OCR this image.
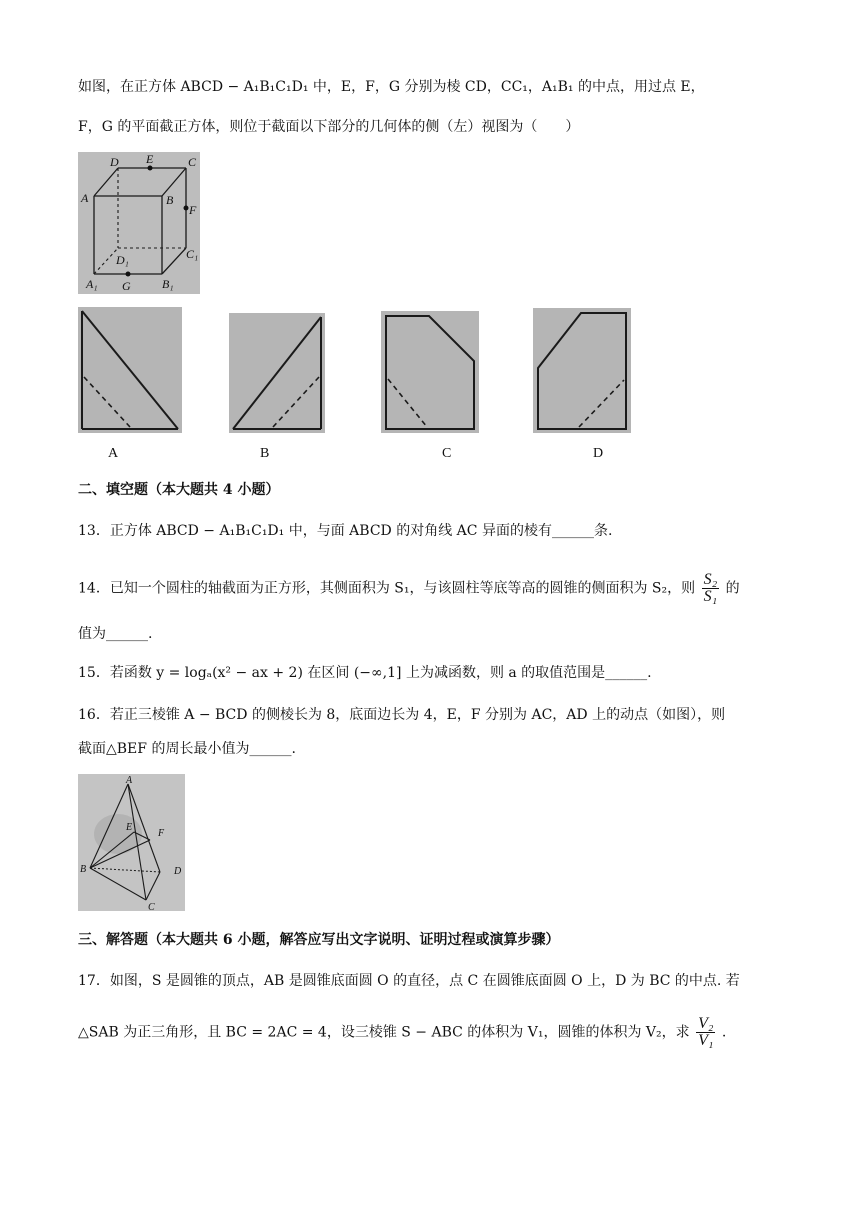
如图，在正方体 ABCD − A₁B₁C₁D₁ 中，E，F，G 分别为棱 CD，CC₁，A₁B₁ 的中点，用过点 E，
F，G 的平面截正方体，则位于截面以下部分的几何体的侧（左）视图为（　　）
D E	C
A	B
F
D₁	C₁
A₁ G	B₁
A	B	C	D
二、填空题（本大题共 4 小题）
13．正方体 ABCD − A₁B₁C₁D₁ 中，与面 ABCD 的对角线 AC 异面的棱有______条.
14．已知一个圆柱的轴截面为正方形，其侧面积为 S₁，与该圆柱等底等高的圆锥的侧面积为 S₂，则 $\frac{\text{S₂}}{\text{S₁}}$ 的
值为______.
15．若函数 y = logₐ(x² − ax + 2) 在区间 (−∞,1] 上为减函数，则 a 的取值范围是______.
16．若正三棱锥 A − BCD 的侧棱长为 8，底面边长为 4，E，F 分别为 AC，AD 上的动点（如图），则
截面△BEF 的周长最小值为______.
A
E
F
B	D
C
三、解答题（本大题共 6 小题，解答应写出文字说明、证明过程或演算步骤）
17．如图，S 是圆锥的顶点，AB 是圆锥底面圆 O 的直径，点 C 在圆锥底面圆 O 上，D 为 BC 的中点. 若
△SAB 为正三角形，且 BC = 2AC = 4，设三棱锥 S − ABC 的体积为 V₁，圆锥的体积为 V₂，求 $\frac{\text{V₂}}{\text{V₁}}$ .
